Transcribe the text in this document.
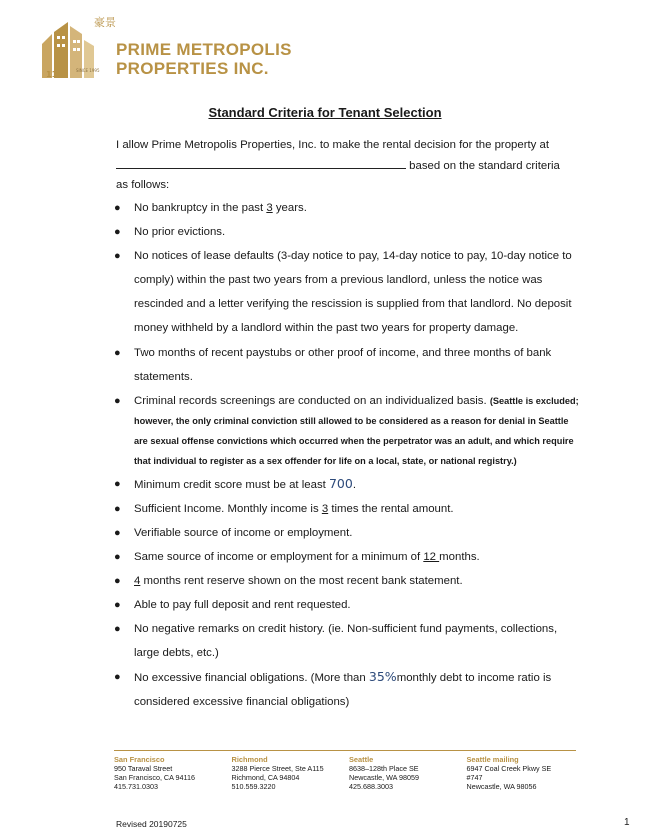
豪景
11	SINCE 1995
PRIME METROPOLIS
PROPERTIES INC.
Standard Criteria for Tenant Selection
I allow Prime Metropolis Properties, Inc. to make the rental decision for the property at
based on the standard criteria
as follows:
● No bankruptcy in the past 3 years.
● No prior evictions.
● No notices of lease defaults (3-day notice to pay, 14-day notice to pay, 10-day notice to comply) within the past two years from a previous landlord, unless the notice was rescinded and a letter verifying the rescission is supplied from that landlord. No deposit money withheld by a landlord within the past two years for property damage.
● Two months of recent paystubs or other proof of income, and three months of bank statements.
● Criminal records screenings are conducted on an individualized basis. (Seattle is excluded; however, the only criminal conviction still allowed to be considered as a reason for denial in Seattle are sexual offense convictions which occurred when the perpetrator was an adult, and which require that individual to register as a sex offender for life on a local, state, or national registry.)
● Minimum credit score must be at least 700.
● Sufficient Income. Monthly income is 3 times the rental amount.
● Verifiable source of income or employment.
● Same source of income or employment for a minimum of 12 months.
● 4 months rent reserve shown on the most recent bank statement.
● Able to pay full deposit and rent requested.
● No negative remarks on credit history. (ie. Non-sufficient fund payments, collections, large debts, etc.)
● No excessive financial obligations. (More than 35%monthly debt to income ratio is considered excessive financial obligations)
San Francisco
950 Taraval Street
San Francisco, CA 94116
415.731.0303
Richmond
3288 Pierce Street, Ste A115
Richmond, CA 94804
510.559.3220
Seattle
8638–128th Place SE
Newcastle, WA 98059
425.688.3003
Seattle mailing
6947 Coal Creek Pkwy SE
#747
Newcastle, WA 98056
Revised 20190725	1
